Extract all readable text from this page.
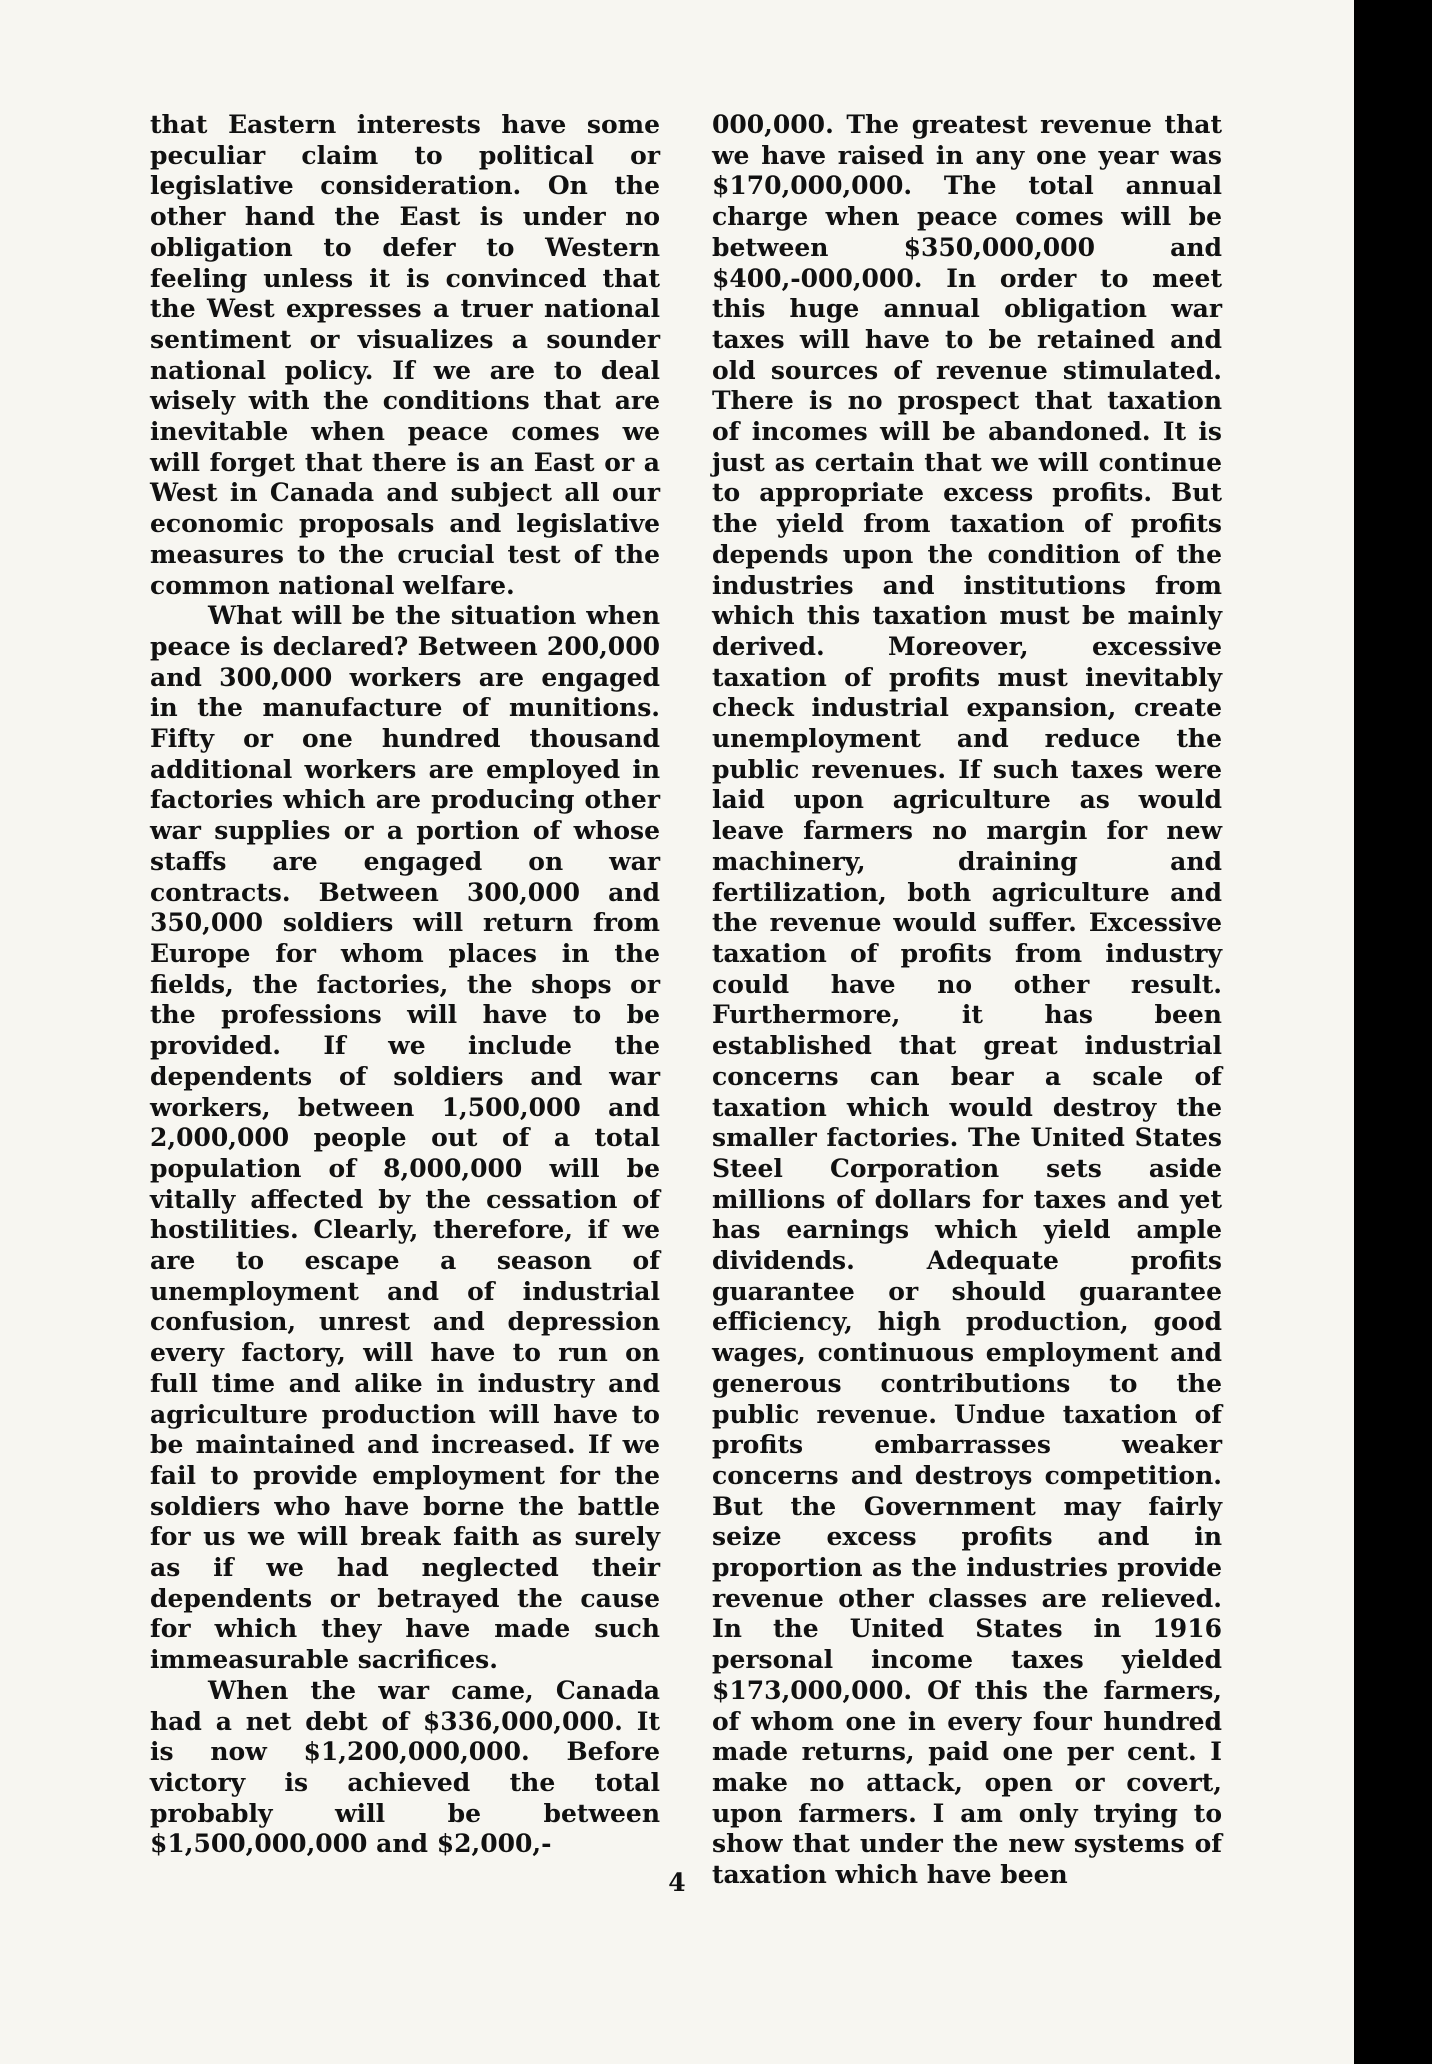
that Eastern interests have some peculiar claim to political or legislative consideration. On the other hand the East is under no obligation to defer to Western feeling unless it is convinced that the West expresses a truer national sentiment or visualizes a sounder national policy. If we are to deal wisely with the conditions that are inevitable when peace comes we will forget that there is an East or a West in Canada and subject all our economic proposals and legislative measures to the crucial test of the common national welfare.

What will be the situation when peace is declared? Between 200,000 and 300,000 workers are engaged in the manufacture of munitions. Fifty or one hundred thousand additional workers are employed in factories which are producing other war supplies or a portion of whose staffs are engaged on war contracts. Between 300,000 and 350,000 soldiers will return from Europe for whom places in the fields, the factories, the shops or the professions will have to be provided. If we include the dependents of soldiers and war workers, between 1,500,000 and 2,000,000 people out of a total population of 8,000,000 will be vitally affected by the cessation of hostilities. Clearly, therefore, if we are to escape a season of unemployment and of industrial confusion, unrest and depression every factory, will have to run on full time and alike in industry and agriculture production will have to be maintained and increased. If we fail to provide employment for the soldiers who have borne the battle for us we will break faith as surely as if we had neglected their dependents or betrayed the cause for which they have made such immeasurable sacrifices.

When the war came, Canada had a net debt of $336,000,000. It is now $1,200,000,000. Before victory is achieved the total probably will be between $1,500,000,000 and $2,000,-

000,000. The greatest revenue that we have raised in any one year was $170,000,000. The total annual charge when peace comes will be between $350,000,000 and $400,-000,000. In order to meet this huge annual obligation war taxes will have to be retained and old sources of revenue stimulated. There is no prospect that taxation of incomes will be abandoned. It is just as certain that we will continue to appropriate excess profits. But the yield from taxation of profits depends upon the condition of the industries and institutions from which this taxation must be mainly derived. Moreover, excessive taxation of profits must inevitably check industrial expansion, create unemployment and reduce the public revenues. If such taxes were laid upon agriculture as would leave farmers no margin for new machinery, draining and fertilization, both agriculture and the revenue would suffer. Excessive taxation of profits from industry could have no other result. Furthermore, it has been established that great industrial concerns can bear a scale of taxation which would destroy the smaller factories. The United States Steel Corporation sets aside millions of dollars for taxes and yet has earnings which yield ample dividends. Adequate profits guarantee or should guarantee efficiency, high production, good wages, continuous employment and generous contributions to the public revenue. Undue taxation of profits embarrasses weaker concerns and destroys competition. But the Government may fairly seize excess profits and in proportion as the industries provide revenue other classes are relieved. In the United States in 1916 personal income taxes yielded $173,000,000. Of this the farmers, of whom one in every four hundred made returns, paid one per cent. I make no attack, open or covert, upon farmers. I am only trying to show that under the new systems of taxation which have been

4
